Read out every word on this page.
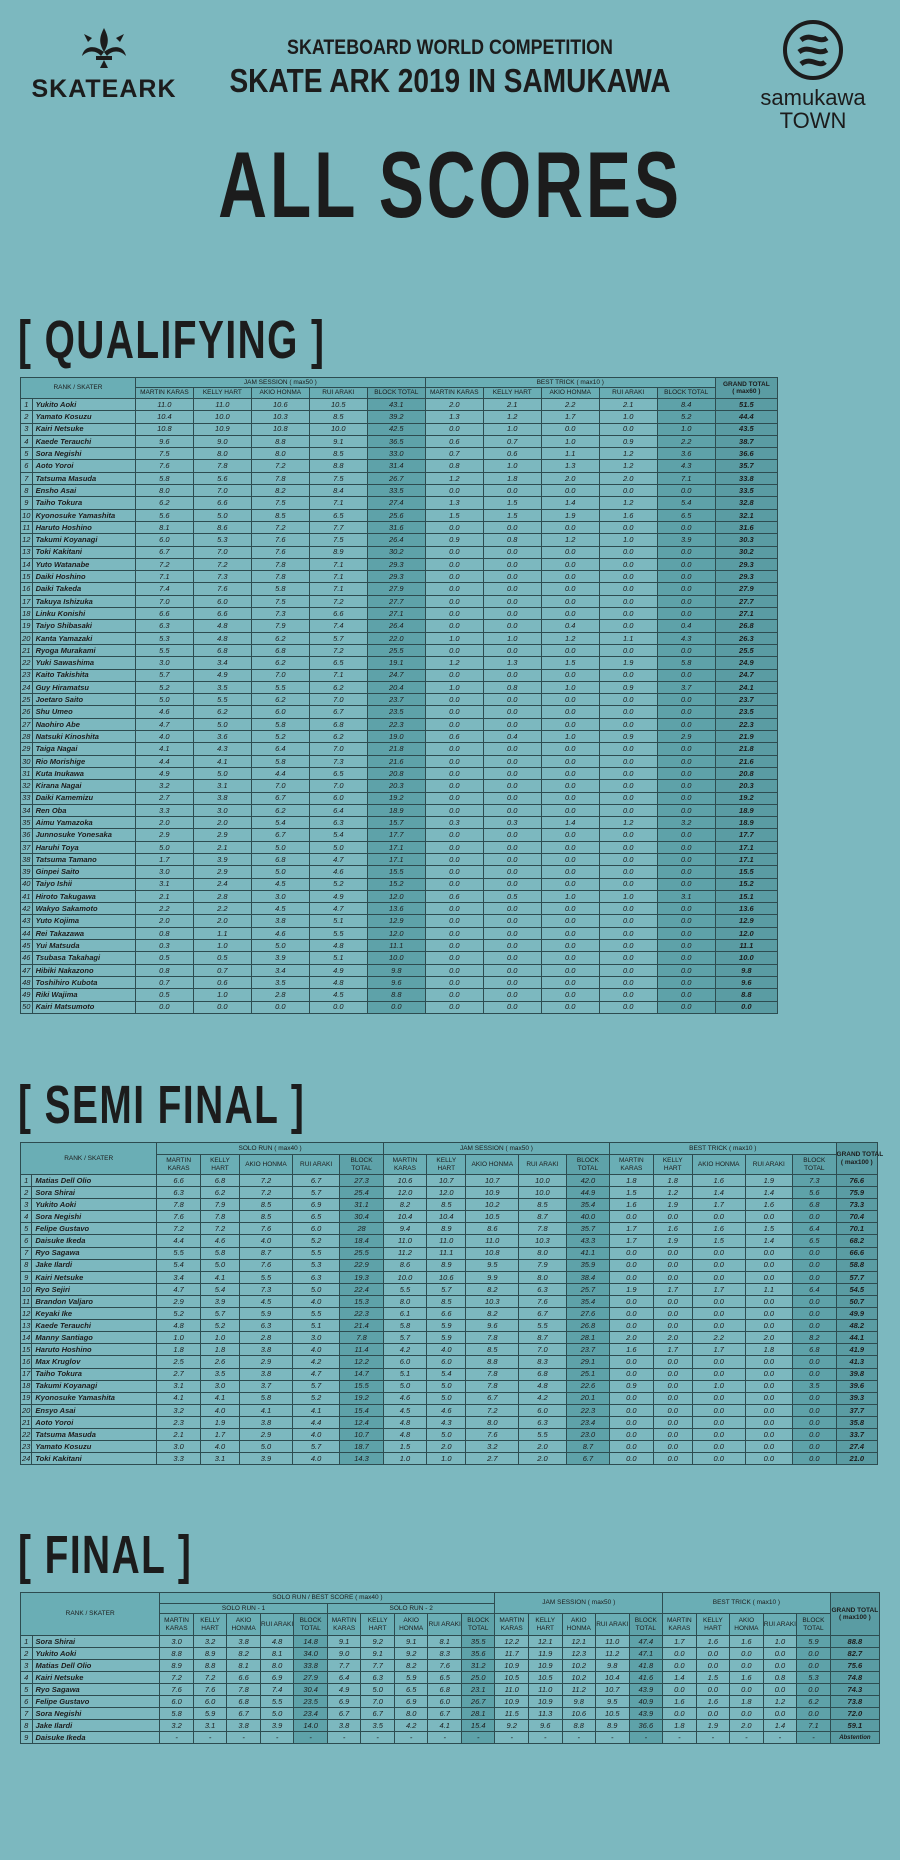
SKATEARK
SKATEBOARD WORLD COMPETITION
SKATE ARK 2019 IN SAMUKAWA	samukawa
TOWN
ALL SCORES
[ QUALIFYING ]
[ SEMI FINAL ]
[ FINAL ]
RANK / SKATER		JAM SESSION ( max50 )					BEST TRICK ( max10 )					GRAND TOTAL
( max60 )

		MARTIN KARAS	KELLY HART	AKIO HONMA	RUI ARAKI	BLOCK TOTAL	MARTIN KARAS	KELLY HART	AKIO HONMA	RUI ARAKI	BLOCK TOTAL	
1	Yukito Aoki	11.0	11.0	10.6	10.5	43.1	2.0	2.1	2.2	2.1	8.4	51.5
2	Yamato Kosuzu	10.4	10.0	10.3	8.5	39.2	1.3	1.2	1.7	1.0	5.2	44.4
3	Kairi Netsuke	10.8	10.9	10.8	10.0	42.5	0.0	1.0	0.0	0.0	1.0	43.5
4	Kaede Terauchi	9.6	9.0	8.8	9.1	36.5	0.6	0.7	1.0	0.9	2.2	38.7
5	Sora Negishi	7.5	8.0	8.0	8.5	33.0	0.7	0.6	1.1	1.2	3.6	36.6
6	Aoto Yoroi	7.6	7.8	7.2	8.8	31.4	0.8	1.0	1.3	1.2	4.3	35.7
7	Tatsuma Masuda	5.8	5.6	7.8	7.5	26.7	1.2	1.8	2.0	2.0	7.1	33.8
8	Ensho Asai	8.0	7.0	8.2	8.4	33.5	0.0	0.0	0.0	0.0	0.0	33.5
9	Taiho Tokura	6.2	6.6	7.5	7.1	27.4	1.3	1.5	1.4	1.2	5.4	32.8
10	Kyonosuke Yamashita	5.6	5.0	8.5	6.5	25.6	1.5	1.5	1.9	1.6	6.5	32.1
11	Haruto Hoshino	8.1	8.6	7.2	7.7	31.6	0.0	0.0	0.0	0.0	0.0	31.6
12	Takumi Koyanagi	6.0	5.3	7.6	7.5	26.4	0.9	0.8	1.2	1.0	3.9	30.3
13	Toki Kakitani	6.7	7.0	7.6	8.9	30.2	0.0	0.0	0.0	0.0	0.0	30.2
14	Yuto Watanabe	7.2	7.2	7.8	7.1	29.3	0.0	0.0	0.0	0.0	0.0	29.3
15	Daiki Hoshino	7.1	7.3	7.8	7.1	29.3	0.0	0.0	0.0	0.0	0.0	29.3
16	Daiki Takeda	7.4	7.6	5.8	7.1	27.9	0.0	0.0	0.0	0.0	0.0	27.9
17	Takuya Ishizuka	7.0	6.0	7.5	7.2	27.7	0.0	0.0	0.0	0.0	0.0	27.7
18	Linku Konishi	6.6	6.6	7.3	6.6	27.1	0.0	0.0	0.0	0.0	0.0	27.1
19	Taiyo Shibasaki	6.3	4.8	7.9	7.4	26.4	0.0	0.0	0.4	0.0	0.4	26.8
20	Kanta Yamazaki	5.3	4.8	6.2	5.7	22.0	1.0	1.0	1.2	1.1	4.3	26.3
21	Ryoga Murakami	5.5	6.8	6.8	7.2	25.5	0.0	0.0	0.0	0.0	0.0	25.5
22	Yuki Sawashima	3.0	3.4	6.2	6.5	19.1	1.2	1.3	1.5	1.9	5.8	24.9
23	Kaito Takishita	5.7	4.9	7.0	7.1	24.7	0.0	0.0	0.0	0.0	0.0	24.7
24	Guy Hiramatsu	5.2	3.5	5.5	6.2	20.4	1.0	0.8	1.0	0.9	3.7	24.1
25	Joetaro Saito	5.0	5.5	6.2	7.0	23.7	0.0	0.0	0.0	0.0	0.0	23.7
26	Shu Umeo	4.6	6.2	6.0	6.7	23.5	0.0	0.0	0.0	0.0	0.0	23.5
27	Naohiro Abe	4.7	5.0	5.8	6.8	22.3	0.0	0.0	0.0	0.0	0.0	22.3
28	Natsuki Kinoshita	4.0	3.6	5.2	6.2	19.0	0.6	0.4	1.0	0.9	2.9	21.9
29	Taiga Nagai	4.1	4.3	6.4	7.0	21.8	0.0	0.0	0.0	0.0	0.0	21.8
30	Rio Morishige	4.4	4.1	5.8	7.3	21.6	0.0	0.0	0.0	0.0	0.0	21.6
31	Kuta Inukawa	4.9	5.0	4.4	6.5	20.8	0.0	0.0	0.0	0.0	0.0	20.8
32	Kirana Nagai	3.2	3.1	7.0	7.0	20.3	0.0	0.0	0.0	0.0	0.0	20.3
33	Daiki Kamemizu	2.7	3.8	6.7	6.0	19.2	0.0	0.0	0.0	0.0	0.0	19.2
34	Ren Oba	3.3	3.0	6.2	6.4	18.9	0.0	0.0	0.0	0.0	0.0	18.9
35	Aimu Yamazoka	2.0	2.0	5.4	6.3	15.7	0.3	0.3	1.4	1.2	3.2	18.9
36	Junnosuke Yonesaka	2.9	2.9	6.7	5.4	17.7	0.0	0.0	0.0	0.0	0.0	17.7
37	Haruhi Toya	5.0	2.1	5.0	5.0	17.1	0.0	0.0	0.0	0.0	0.0	17.1
38	Tatsuma Tamano	1.7	3.9	6.8	4.7	17.1	0.0	0.0	0.0	0.0	0.0	17.1
39	Ginpei Saito	3.0	2.9	5.0	4.6	15.5	0.0	0.0	0.0	0.0	0.0	15.5
40	Taiyo Ishii	3.1	2.4	4.5	5.2	15.2	0.0	0.0	0.0	0.0	0.0	15.2
41	Hiroto Takugawa	2.1	2.8	3.0	4.9	12.0	0.6	0.5	1.0	1.0	3.1	15.1
42	Wakyo Sakamoto	2.2	2.2	4.5	4.7	13.6	0.0	0.0	0.0	0.0	0.0	13.6
43	Yuto Kojima	2.0	2.0	3.8	5.1	12.9	0.0	0.0	0.0	0.0	0.0	12.9
44	Rei Takazawa	0.8	1.1	4.6	5.5	12.0	0.0	0.0	0.0	0.0	0.0	12.0
45	Yui Matsuda	0.3	1.0	5.0	4.8	11.1	0.0	0.0	0.0	0.0	0.0	11.1
46	Tsubasa Takahagi	0.5	0.5	3.9	5.1	10.0	0.0	0.0	0.0	0.0	0.0	10.0
47	Hibiki Nakazono	0.8	0.7	3.4	4.9	9.8	0.0	0.0	0.0	0.0	0.0	9.8
48	Toshihiro Kubota	0.7	0.6	3.5	4.8	9.6	0.0	0.0	0.0	0.0	0.0	9.6
49	Riki Wajima	0.5	1.0	2.8	4.5	8.8	0.0	0.0	0.0	0.0	0.0	8.8
50	Kairi Matsumoto	0.0	0.0	0.0	0.0	0.0	0.0	0.0	0.0	0.0	0.0	0.0
RANK / SKATER		SOLO RUN ( max40 )					JAM SESSION ( max50 )					BEST TRICK ( max10 )					GRAND TOTAL
( max100 )

		MARTIN KARAS	KELLY HART	AKIO HONMA	RUI ARAKI	BLOCK TOTAL	MARTIN KARAS	KELLY HART	AKIO HONMA	RUI ARAKI	BLOCK TOTAL	MARTIN KARAS	KELLY HART	AKIO HONMA	RUI ARAKI	BLOCK TOTAL	
1	Matias Dell Olio	6.6	6.8	7.2	6.7	27.3	10.6	10.7	10.7	10.0	42.0	1.8	1.8	1.6	1.9	7.3	76.6
2	Sora Shirai	6.3	6.2	7.2	5.7	25.4	12.0	12.0	10.9	10.0	44.9	1.5	1.2	1.4	1.4	5.6	75.9
3	Yukito Aoki	7.8	7.9	8.5	6.9	31.1	8.2	8.5	10.2	8.5	35.4	1.6	1.9	1.7	1.6	6.8	73.3
4	Sora Negishi	7.6	7.8	8.5	6.5	30.4	10.4	10.4	10.5	8.7	40.0	0.0	0.0	0.0	0.0	0.0	70.4
5	Felipe Gustavo	7.2	7.2	7.6	6.0	28	9.4	8.9	8.6	7.8	35.7	1.7	1.6	1.6	1.5	6.4	70.1
6	Daisuke Ikeda	4.4	4.6	4.0	5.2	18.4	11.0	11.0	11.0	10.3	43.3	1.7	1.9	1.5	1.4	6.5	68.2
7	Ryo Sagawa	5.5	5.8	8.7	5.5	25.5	11.2	11.1	10.8	8.0	41.1	0.0	0.0	0.0	0.0	0.0	66.6
8	Jake Ilardi	5.4	5.0	7.6	5.3	22.9	8.6	8.9	9.5	7.9	35.9	0.0	0.0	0.0	0.0	0.0	58.8
9	Kairi Netsuke	3.4	4.1	5.5	6.3	19.3	10.0	10.6	9.9	8.0	38.4	0.0	0.0	0.0	0.0	0.0	57.7
10	Ryo Sejiri	4.7	5.4	7.3	5.0	22.4	5.5	5.7	8.2	6.3	25.7	1.9	1.7	1.7	1.1	6.4	54.5
11	Brandon Valjaro	2.9	3.9	4.5	4.0	15.3	8.0	8.5	10.3	7.6	35.4	0.0	0.0	0.0	0.0	0.0	50.7
12	Keyaki Ike	5.2	5.7	5.9	5.5	22.3	6.1	6.6	8.2	6.7	27.6	0.0	0.0	0.0	0.0	0.0	49.9
13	Kaede Terauchi	4.8	5.2	6.3	5.1	21.4	5.8	5.9	9.6	5.5	26.8	0.0	0.0	0.0	0.0	0.0	48.2
14	Manny Santiago	1.0	1.0	2.8	3.0	7.8	5.7	5.9	7.8	8.7	28.1	2.0	2.0	2.2	2.0	8.2	44.1
15	Haruto Hoshino	1.8	1.8	3.8	4.0	11.4	4.2	4.0	8.5	7.0	23.7	1.6	1.7	1.7	1.8	6.8	41.9
16	Max Kruglov	2.5	2.6	2.9	4.2	12.2	6.0	6.0	8.8	8.3	29.1	0.0	0.0	0.0	0.0	0.0	41.3
17	Taiho Tokura	2.7	3.5	3.8	4.7	14.7	5.1	5.4	7.8	6.8	25.1	0.0	0.0	0.0	0.0	0.0	39.8
18	Takumi Koyanagi	3.1	3.0	3.7	5.7	15.5	5.0	5.0	7.8	4.8	22.6	0.9	0.0	1.0	0.0	3.5	39.6
19	Kyonosuke Yamashita	4.1	4.1	5.8	5.2	19.2	4.6	5.0	6.7	4.2	20.1	0.0	0.0	0.0	0.0	0.0	39.3
20	Ensyo Asai	3.2	4.0	4.1	4.1	15.4	4.5	4.6	7.2	6.0	22.3	0.0	0.0	0.0	0.0	0.0	37.7
21	Aoto Yoroi	2.3	1.9	3.8	4.4	12.4	4.8	4.3	8.0	6.3	23.4	0.0	0.0	0.0	0.0	0.0	35.8
22	Tatsuma Masuda	2.1	1.7	2.9	4.0	10.7	4.8	5.0	7.6	5.5	23.0	0.0	0.0	0.0	0.0	0.0	33.7
23	Yamato Kosuzu	3.0	4.0	5.0	5.7	18.7	1.5	2.0	3.2	2.0	8.7	0.0	0.0	0.0	0.0	0.0	27.4
24	Toki Kakitani	3.3	3.1	3.9	4.0	14.3	1.0	1.0	2.7	2.0	6.7	0.0	0.0	0.0	0.0	0.0	21.0
RANK / SKATER		SOLO RUN / BEST SCORE ( max40 )										JAM SESSION ( max50 )					BEST TRICK ( max10 )					GRAND TOTAL
( max100 )

		SOLO RUN - 1					SOLO RUN - 2															
		MARTIN KARAS	KELLY HART	AKIO HONMA	RUI ARAKI	BLOCK TOTAL	MARTIN KARAS	KELLY HART	AKIO HONMA	RUI ARAKI	BLOCK TOTAL	MARTIN KARAS	KELLY HART	AKIO HONMA	RUI ARAKI	BLOCK TOTAL	MARTIN KARAS	KELLY HART	AKIO HONMA	RUI ARAKI	BLOCK TOTAL	
1	Sora Shirai	3.0	3.2	3.8	4.8	14.8	9.1	9.2	9.1	8.1	35.5	12.2	12.1	12.1	11.0	47.4	1.7	1.6	1.6	1.0	5.9	88.8
2	Yukito Aoki	8.8	8.9	8.2	8.1	34.0	9.0	9.1	9.2	8.3	35.6	11.7	11.9	12.3	11.2	47.1	0.0	0.0	0.0	0.0	0.0	82.7
3	Matias Dell Olio	8.9	8.8	8.1	8.0	33.8	7.7	7.7	8.2	7.6	31.2	10.9	10.9	10.2	9.8	41.8	0.0	0.0	0.0	0.0	0.0	75.6
4	Kairi Netsuke	7.2	7.2	6.6	6.9	27.9	6.4	6.3	5.9	6.5	25.0	10.5	10.5	10.2	10.4	41.6	1.4	1.5	1.6	0.8	5.3	74.8
5	Ryo Sagawa	7.6	7.6	7.8	7.4	30.4	4.9	5.0	6.5	6.8	23.1	11.0	11.0	11.2	10.7	43.9	0.0	0.0	0.0	0.0	0.0	74.3
6	Felipe Gustavo	6.0	6.0	6.8	5.5	23.5	6.9	7.0	6.9	6.0	26.7	10.9	10.9	9.8	9.5	40.9	1.6	1.6	1.8	1.2	6.2	73.8
7	Sora Negishi	5.8	5.9	6.7	5.0	23.4	6.7	6.7	8.0	6.7	28.1	11.5	11.3	10.6	10.5	43.9	0.0	0.0	0.0	0.0	0.0	72.0
8	Jake Ilardi	3.2	3.1	3.8	3.9	14.0	3.8	3.5	4.2	4.1	15.4	9.2	9.6	8.8	8.9	36.6	1.8	1.9	2.0	1.4	7.1	59.1
9	Daisuke Ikeda	-	-	-	-	-	-	-	-	-	-	-	-	-	-	-	-	-	-	-	-	Abstention
